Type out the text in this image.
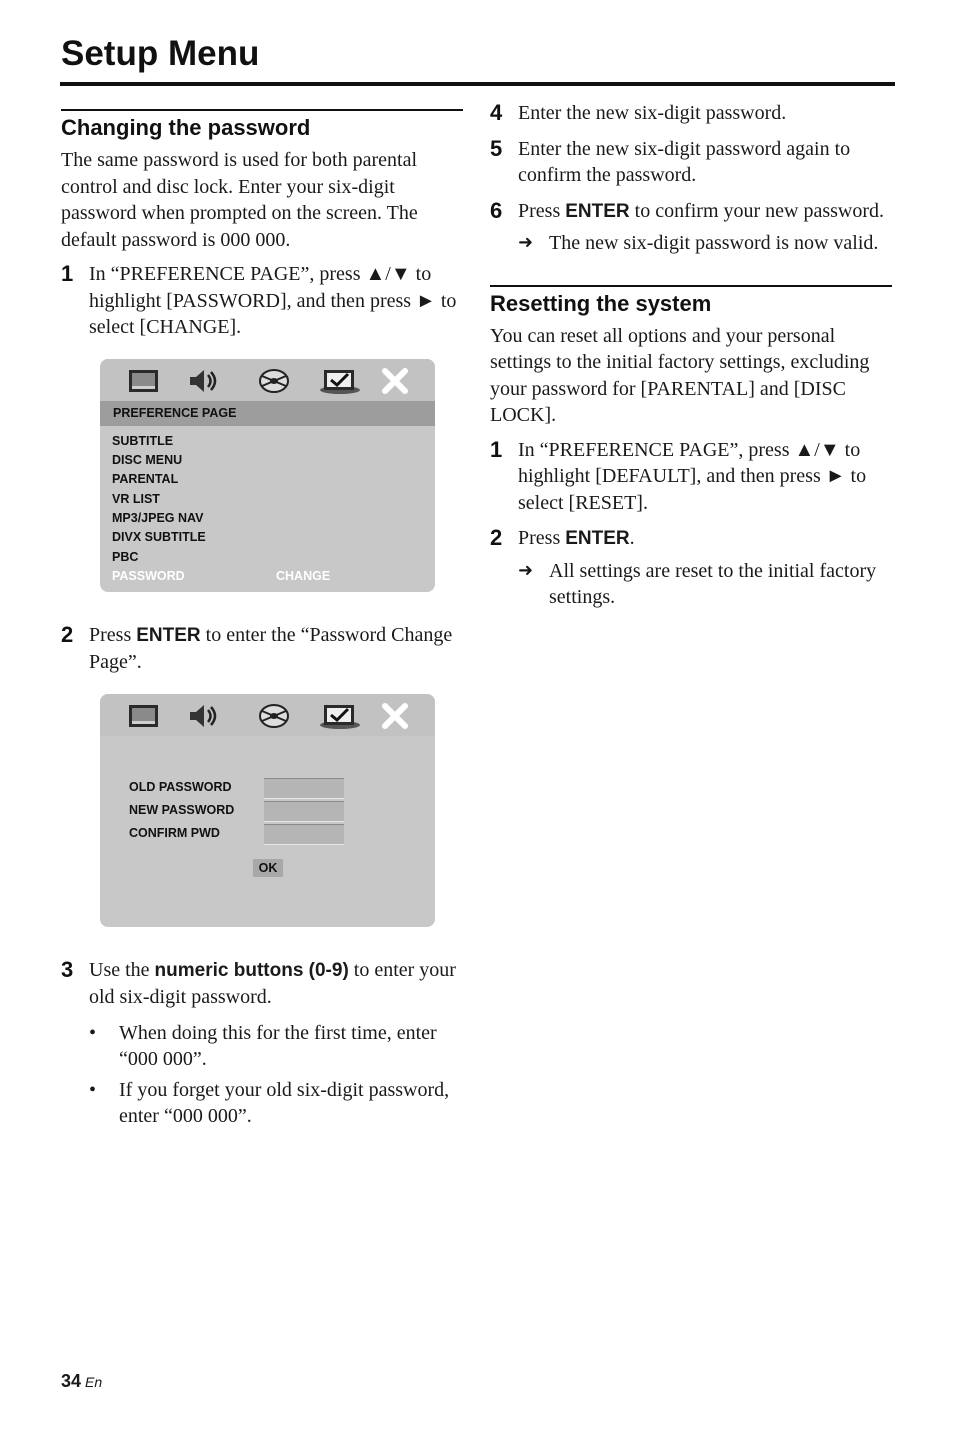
Setup Menu
Changing the password

The same password is used for both parental control and disc lock. Enter your six-digit password when prompted on the screen. The default password is 000 000.

1 In “PREFERENCE PAGE”, press ▲/▼ to highlight [PASSWORD], and then press ► to select [CHANGE].
PREFERENCE PAGE
SUBTITLE
DISC MENU
PARENTAL
VR LIST
MP3/JPEG NAV
DIVX SUBTITLE
PBC
PASSWORD	CHANGE
2 Press ENTER to enter the “Password Change Page”.
OLD PASSWORD
NEW PASSWORD
CONFIRM PWD
OK
3 Use the numeric buttons (0-9) to enter your old six-digit password.
• When doing this for the first time, enter “000 000”.
• If you forget your old six-digit password, enter “000 000”.
4 Enter the new six-digit password.
5 Enter the new six-digit password again to confirm the password.
6 Press ENTER to confirm your new password.
➜ The new six-digit password is now valid.
Resetting the system

You can reset all options and your personal settings to the initial factory settings, excluding your password for [PARENTAL] and [DISC LOCK].

1 In “PREFERENCE PAGE”, press ▲/▼ to highlight [DEFAULT], and then press ► to select [RESET].
2 Press ENTER.
➜ All settings are reset to the initial factory settings.
34 En
